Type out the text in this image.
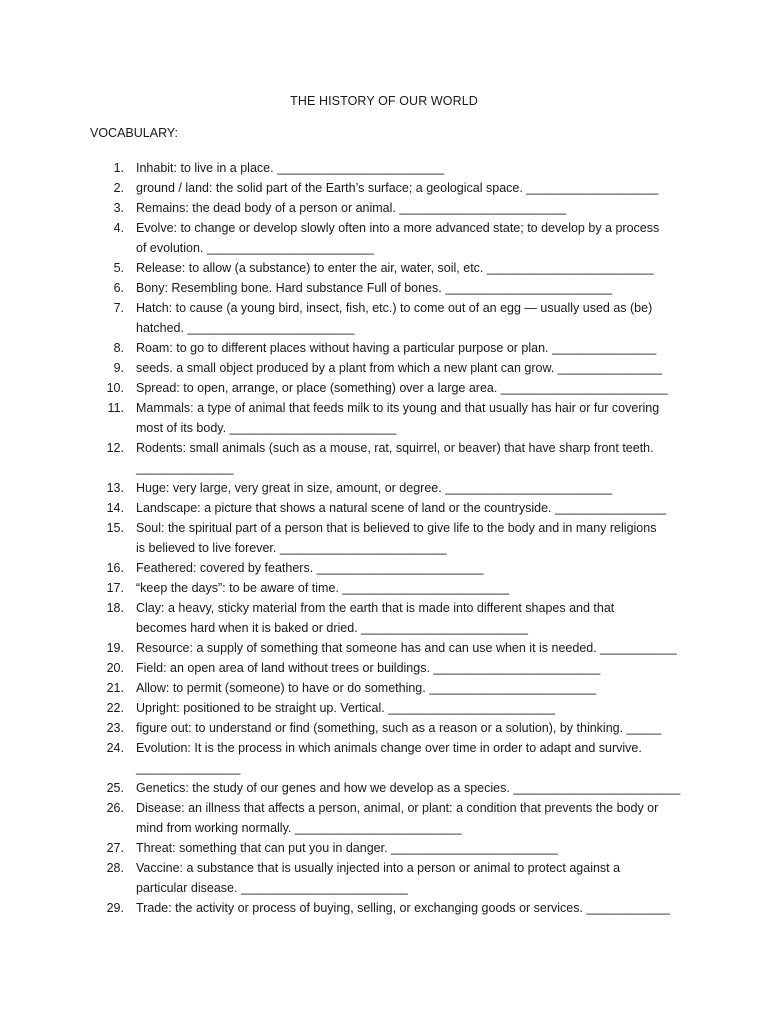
THE HISTORY OF OUR WORLD
VOCABULARY:
1. Inhabit: to live in a place. ________________________
2. ground / land: the solid part of the Earth’s surface; a geological space. ___________________
3. Remains: the dead body of a person or animal. ________________________
4. Evolve: to change or develop slowly often into a more advanced state; to develop by a process
of evolution. ________________________
5. Release: to allow (a substance) to enter the air, water, soil, etc. ________________________
6. Bony: Resembling bone. Hard substance Full of bones. ________________________
7. Hatch: to cause (a young bird, insect, fish, etc.) to come out of an egg — usually used as (be)
hatched. ________________________
8. Roam: to go to different places without having a particular purpose or plan. _______________
9. seeds. a small object produced by a plant from which a new plant can grow. _______________
10. Spread: to open, arrange, or place (something) over a large area. ________________________
11. Mammals: a type of animal that feeds milk to its young and that usually has hair or fur covering
most of its body. ________________________
12. Rodents: small animals (such as a mouse, rat, squirrel, or beaver) that have sharp front teeth.
______________
13. Huge: very large, very great in size, amount, or degree. ________________________
14. Landscape: a picture that shows a natural scene of land or the countryside. ________________
15. Soul: the spiritual part of a person that is believed to give life to the body and in many religions
is believed to live forever. ________________________
16. Feathered: covered by feathers. ________________________
17. “keep the days”: to be aware of time. ________________________
18. Clay: a heavy, sticky material from the earth that is made into different shapes and that
becomes hard when it is baked or dried. ________________________
19. Resource: a supply of something that someone has and can use when it is needed. ___________
20. Field: an open area of land without trees or buildings. ________________________
21. Allow: to permit (someone) to have or do something. ________________________
22. Upright: positioned to be straight up. Vertical. ________________________
23. figure out: to understand or find (something, such as a reason or a solution), by thinking. _____
24. Evolution: It is the process in which animals change over time in order to adapt and survive.
_______________
25. Genetics: the study of our genes and how we develop as a species. ________________________
26. Disease: an illness that affects a person, animal, or plant: a condition that prevents the body or
mind from working normally. ________________________
27. Threat: something that can put you in danger. ________________________
28. Vaccine: a substance that is usually injected into a person or animal to protect against a
particular disease. ________________________
29. Trade: the activity or process of buying, selling, or exchanging goods or services. ____________
